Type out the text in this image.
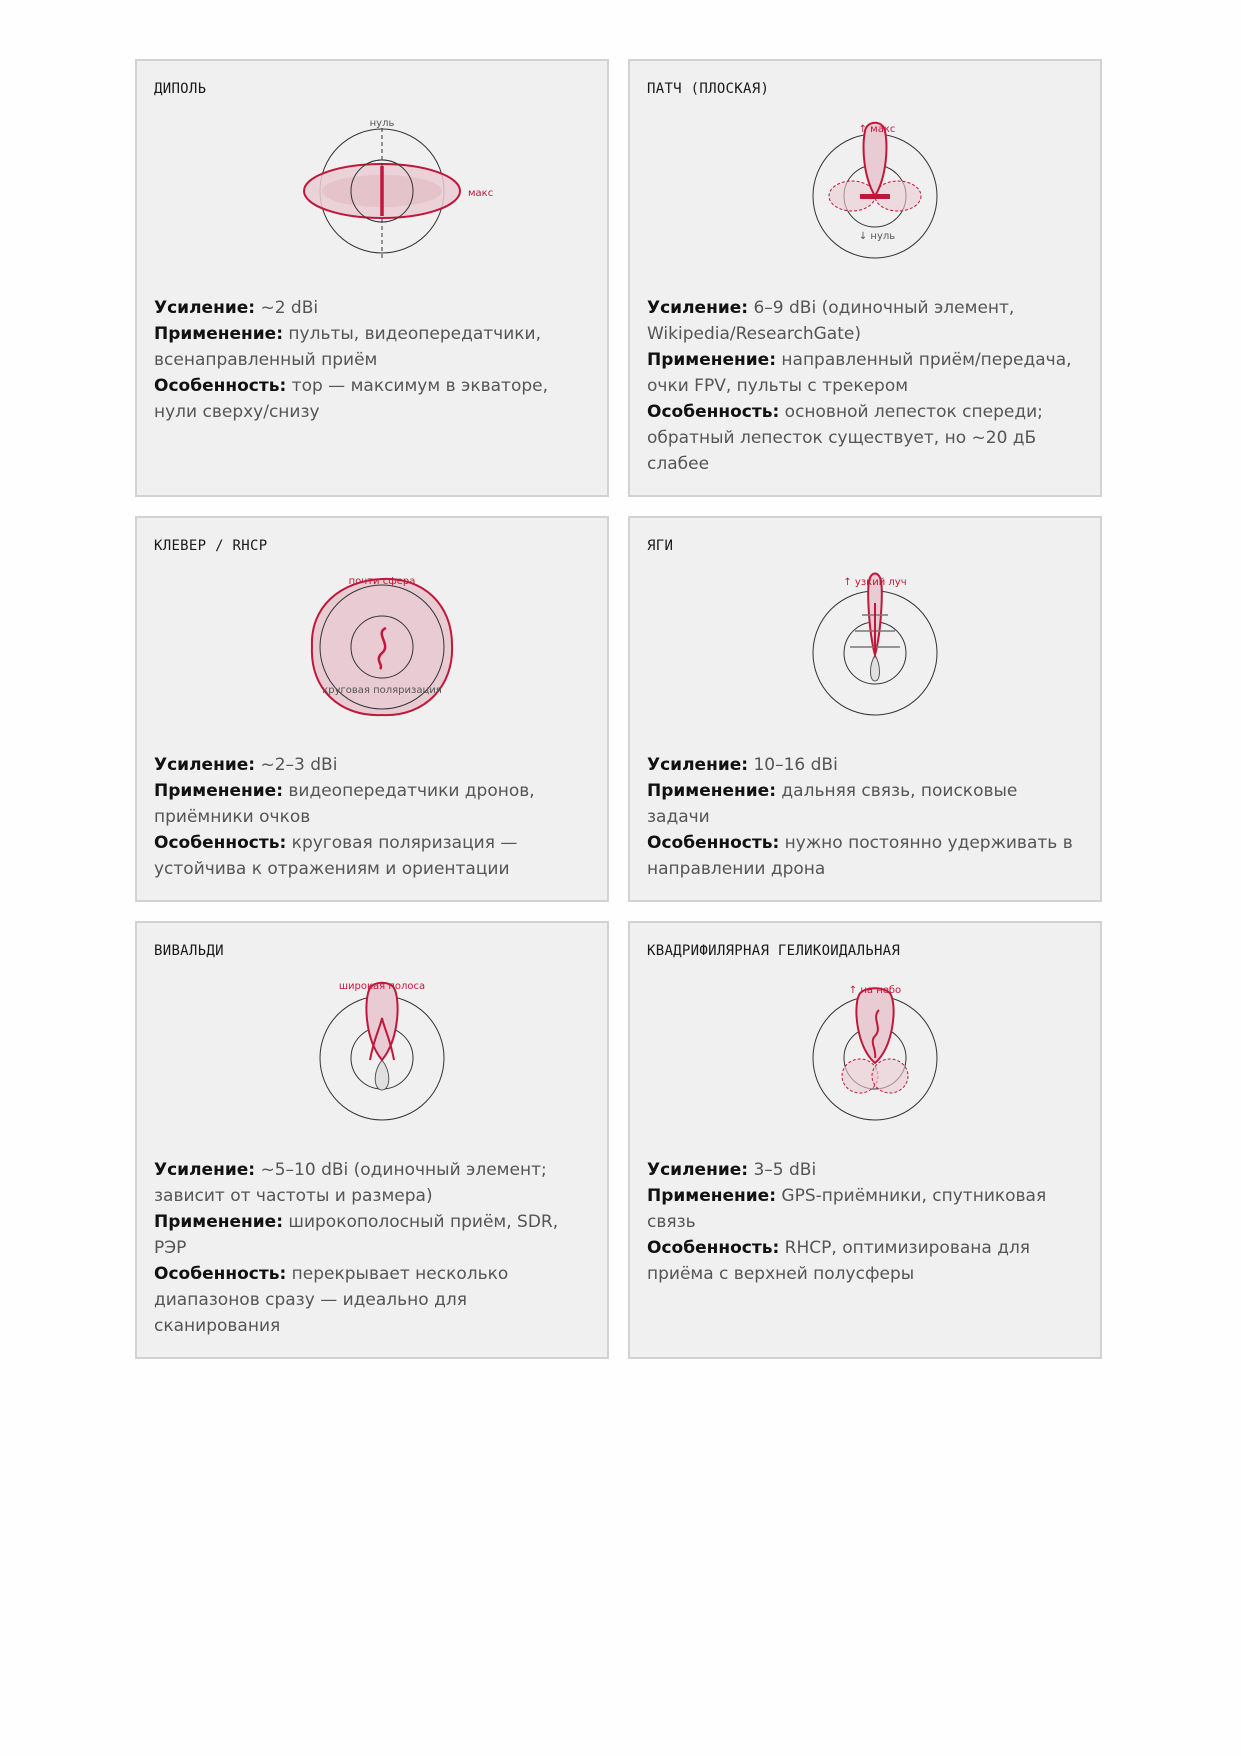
ДИПОЛЬ
нуль
макс

Усиление: ~2 dBi

Применение: пульты, видеопередатчики, всенаправленный приём

Особенность: тор — максимум в экваторе, нули сверху/снизу

ПАТЧ (ПЛОСКАЯ)
↑ макс
↓ нуль

Усиление: 6–9 dBi (одиночный элемент, Wikipedia/ResearchGate)

Применение: направленный приём/передача, очки FPV, пульты с трекером

Особенность: основной лепесток спереди; обратный лепесток существует, но ~20 дБ слабее

КЛЕВЕР / RHCP
почти сфера
круговая поляризация

Усиление: ~2–3 dBi

Применение: видеопередатчики дронов, приёмники очков

Особенность: круговая поляризация — устойчива к отражениям и ориентации

ЯГИ
↑ узкий луч

Усиление: 10–16 dBi

Применение: дальняя связь, поисковые задачи

Особенность: нужно постоянно удерживать в направлении дрона

ВИВАЛЬДИ
широкая полоса

Усиление: ~5–10 dBi (одиночный элемент; зависит от частоты и размера)

Применение: широкополосный приём, SDR, РЭР

Особенность: перекрывает несколько диапазонов сразу — идеально для сканирования

КВАДРИФИЛЯРНАЯ ГЕЛИКОИДАЛЬНАЯ
↑ на небо

Усиление: 3–5 dBi

Применение: GPS-приёмники, спутниковая связь

Особенность: RHCP, оптимизирована для приёма с верхней полусферы
